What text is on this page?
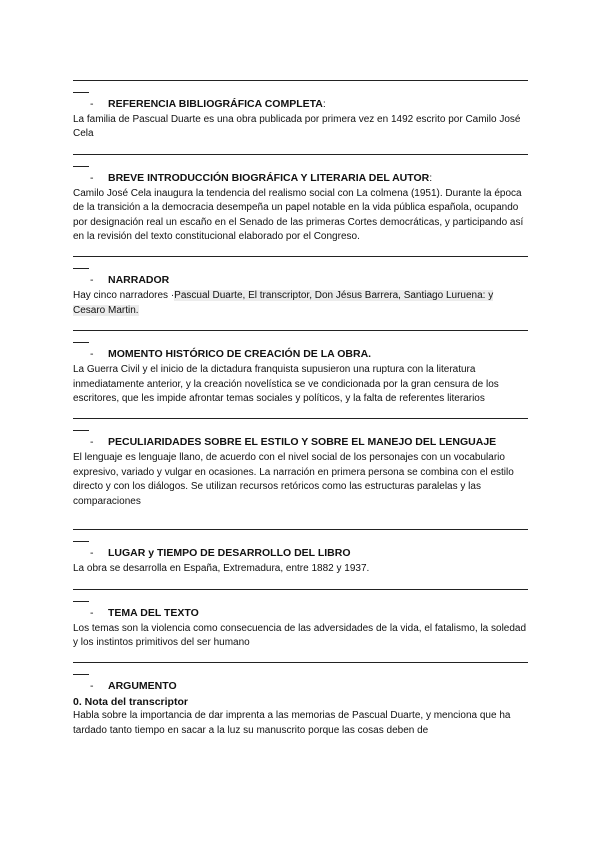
- REFERENCIA BIBLIOGRÁFICA COMPLETA:

La familia de Pascual Duarte es una obra publicada por primera vez en 1492 escrito por Camilo José Cela

- BREVE INTRODUCCIÓN BIOGRÁFICA Y LITERARIA DEL AUTOR:

Camilo José Cela inaugura la tendencia del realismo social con La colmena (1951). Durante la época de la transición a la democracia desempeña un papel notable en la vida pública española, ocupando por designación real un escaño en el Senado de las primeras Cortes democráticas, y participando así en la revisión del texto constitucional elaborado por el Congreso.

- NARRADOR

Hay cinco narradores ·Pascual Duarte, El transcriptor, Don Jésus Barrera, Santiago Luruena: y Cesaro Martin.

- MOMENTO HISTÓRICO DE CREACIÓN DE LA OBRA.

La Guerra Civil y el inicio de la dictadura franquista supusieron una ruptura con la literatura inmediatamente anterior, y la creación novelística se ve condicionada por la gran censura de los escritores, que les impide afrontar temas sociales y políticos, y la falta de referentes literarios

- PECULIARIDADES SOBRE EL ESTILO Y SOBRE EL MANEJO DEL LENGUAJE

El lenguaje es lenguaje llano, de acuerdo con el nivel social de los personajes con un vocabulario expresivo, variado y vulgar en ocasiones. La narración en primera persona se combina con el estilo directo y con los diálogos. Se utilizan recursos retóricos como las estructuras paralelas y las comparaciones

- LUGAR y TIEMPO DE DESARROLLO DEL LIBRO

La obra se desarrolla en España, Extremadura, entre 1882 y 1937.

- TEMA DEL TEXTO

Los temas son la violencia como consecuencia de las adversidades de la vida, el fatalismo, la soledad y los instintos primitivos del ser humano

- ARGUMENTO

0. Nota del transcriptor

Habla sobre la importancia de dar imprenta a las memorias de Pascual Duarte, y menciona que ha tardado tanto tiempo en sacar a la luz su manuscrito porque las cosas deben de
